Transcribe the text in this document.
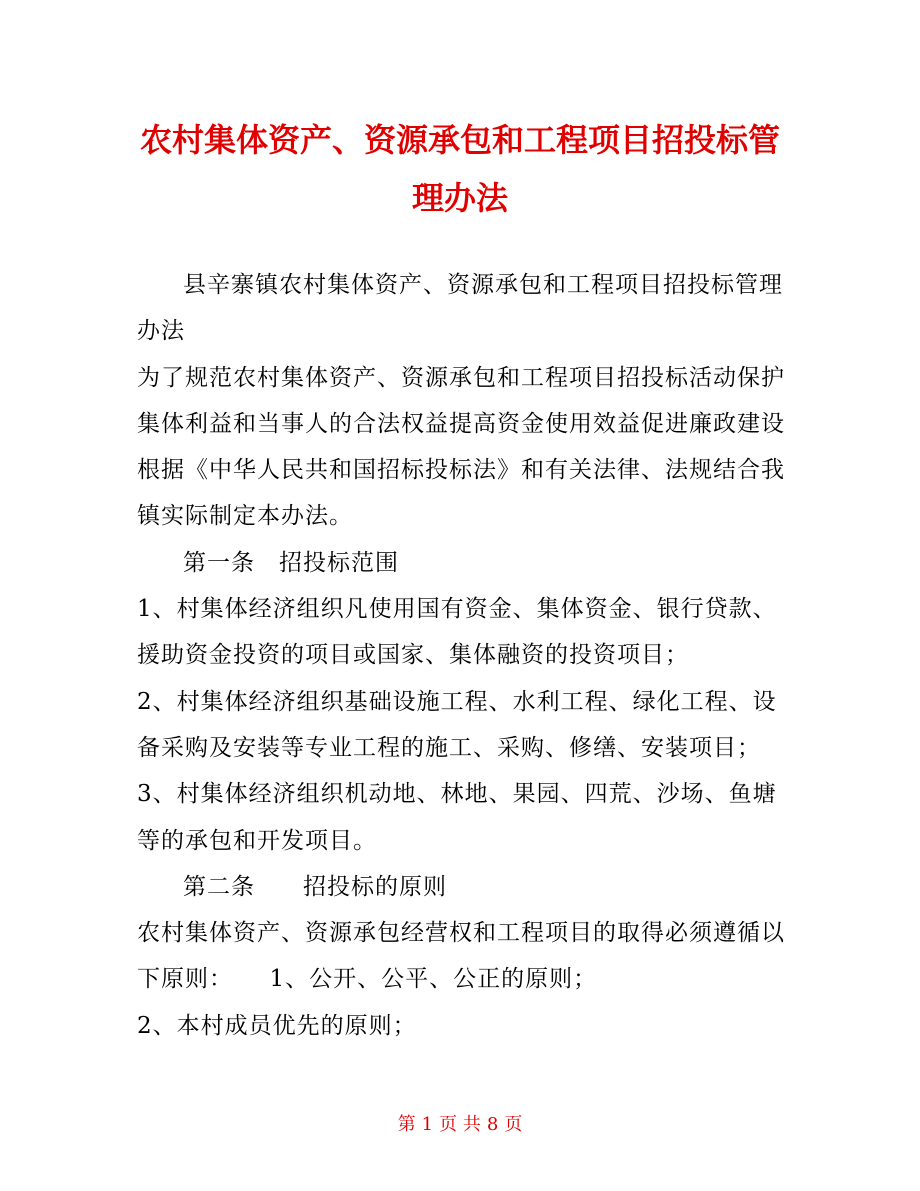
农村集体资产、资源承包和工程项目招投标管
理办法

县辛寨镇农村集体资产、资源承包和工程项目招投标管理办法

为了规范农村集体资产、资源承包和工程项目招投标活动保护集体利益和当事人的合法权益提高资金使用效益促进廉政建设根据《中华人民共和国招标投标法》和有关法律、法规结合我镇实际制定本办法。

第一条　招投标范围

1、村集体经济组织凡使用国有资金、集体资金、银行贷款、援助资金投资的项目或国家、集体融资的投资项目；

2、村集体经济组织基础设施工程、水利工程、绿化工程、设备采购及安装等专业工程的施工、采购、修缮、安装项目；

3、村集体经济组织机动地、林地、果园、四荒、沙场、鱼塘等的承包和开发项目。

第二条　　招投标的原则

农村集体资产、资源承包经营权和工程项目的取得必须遵循以下原则：　　1、公开、公平、公正的原则；

2、本村成员优先的原则；

第 1 页 共 8 页
